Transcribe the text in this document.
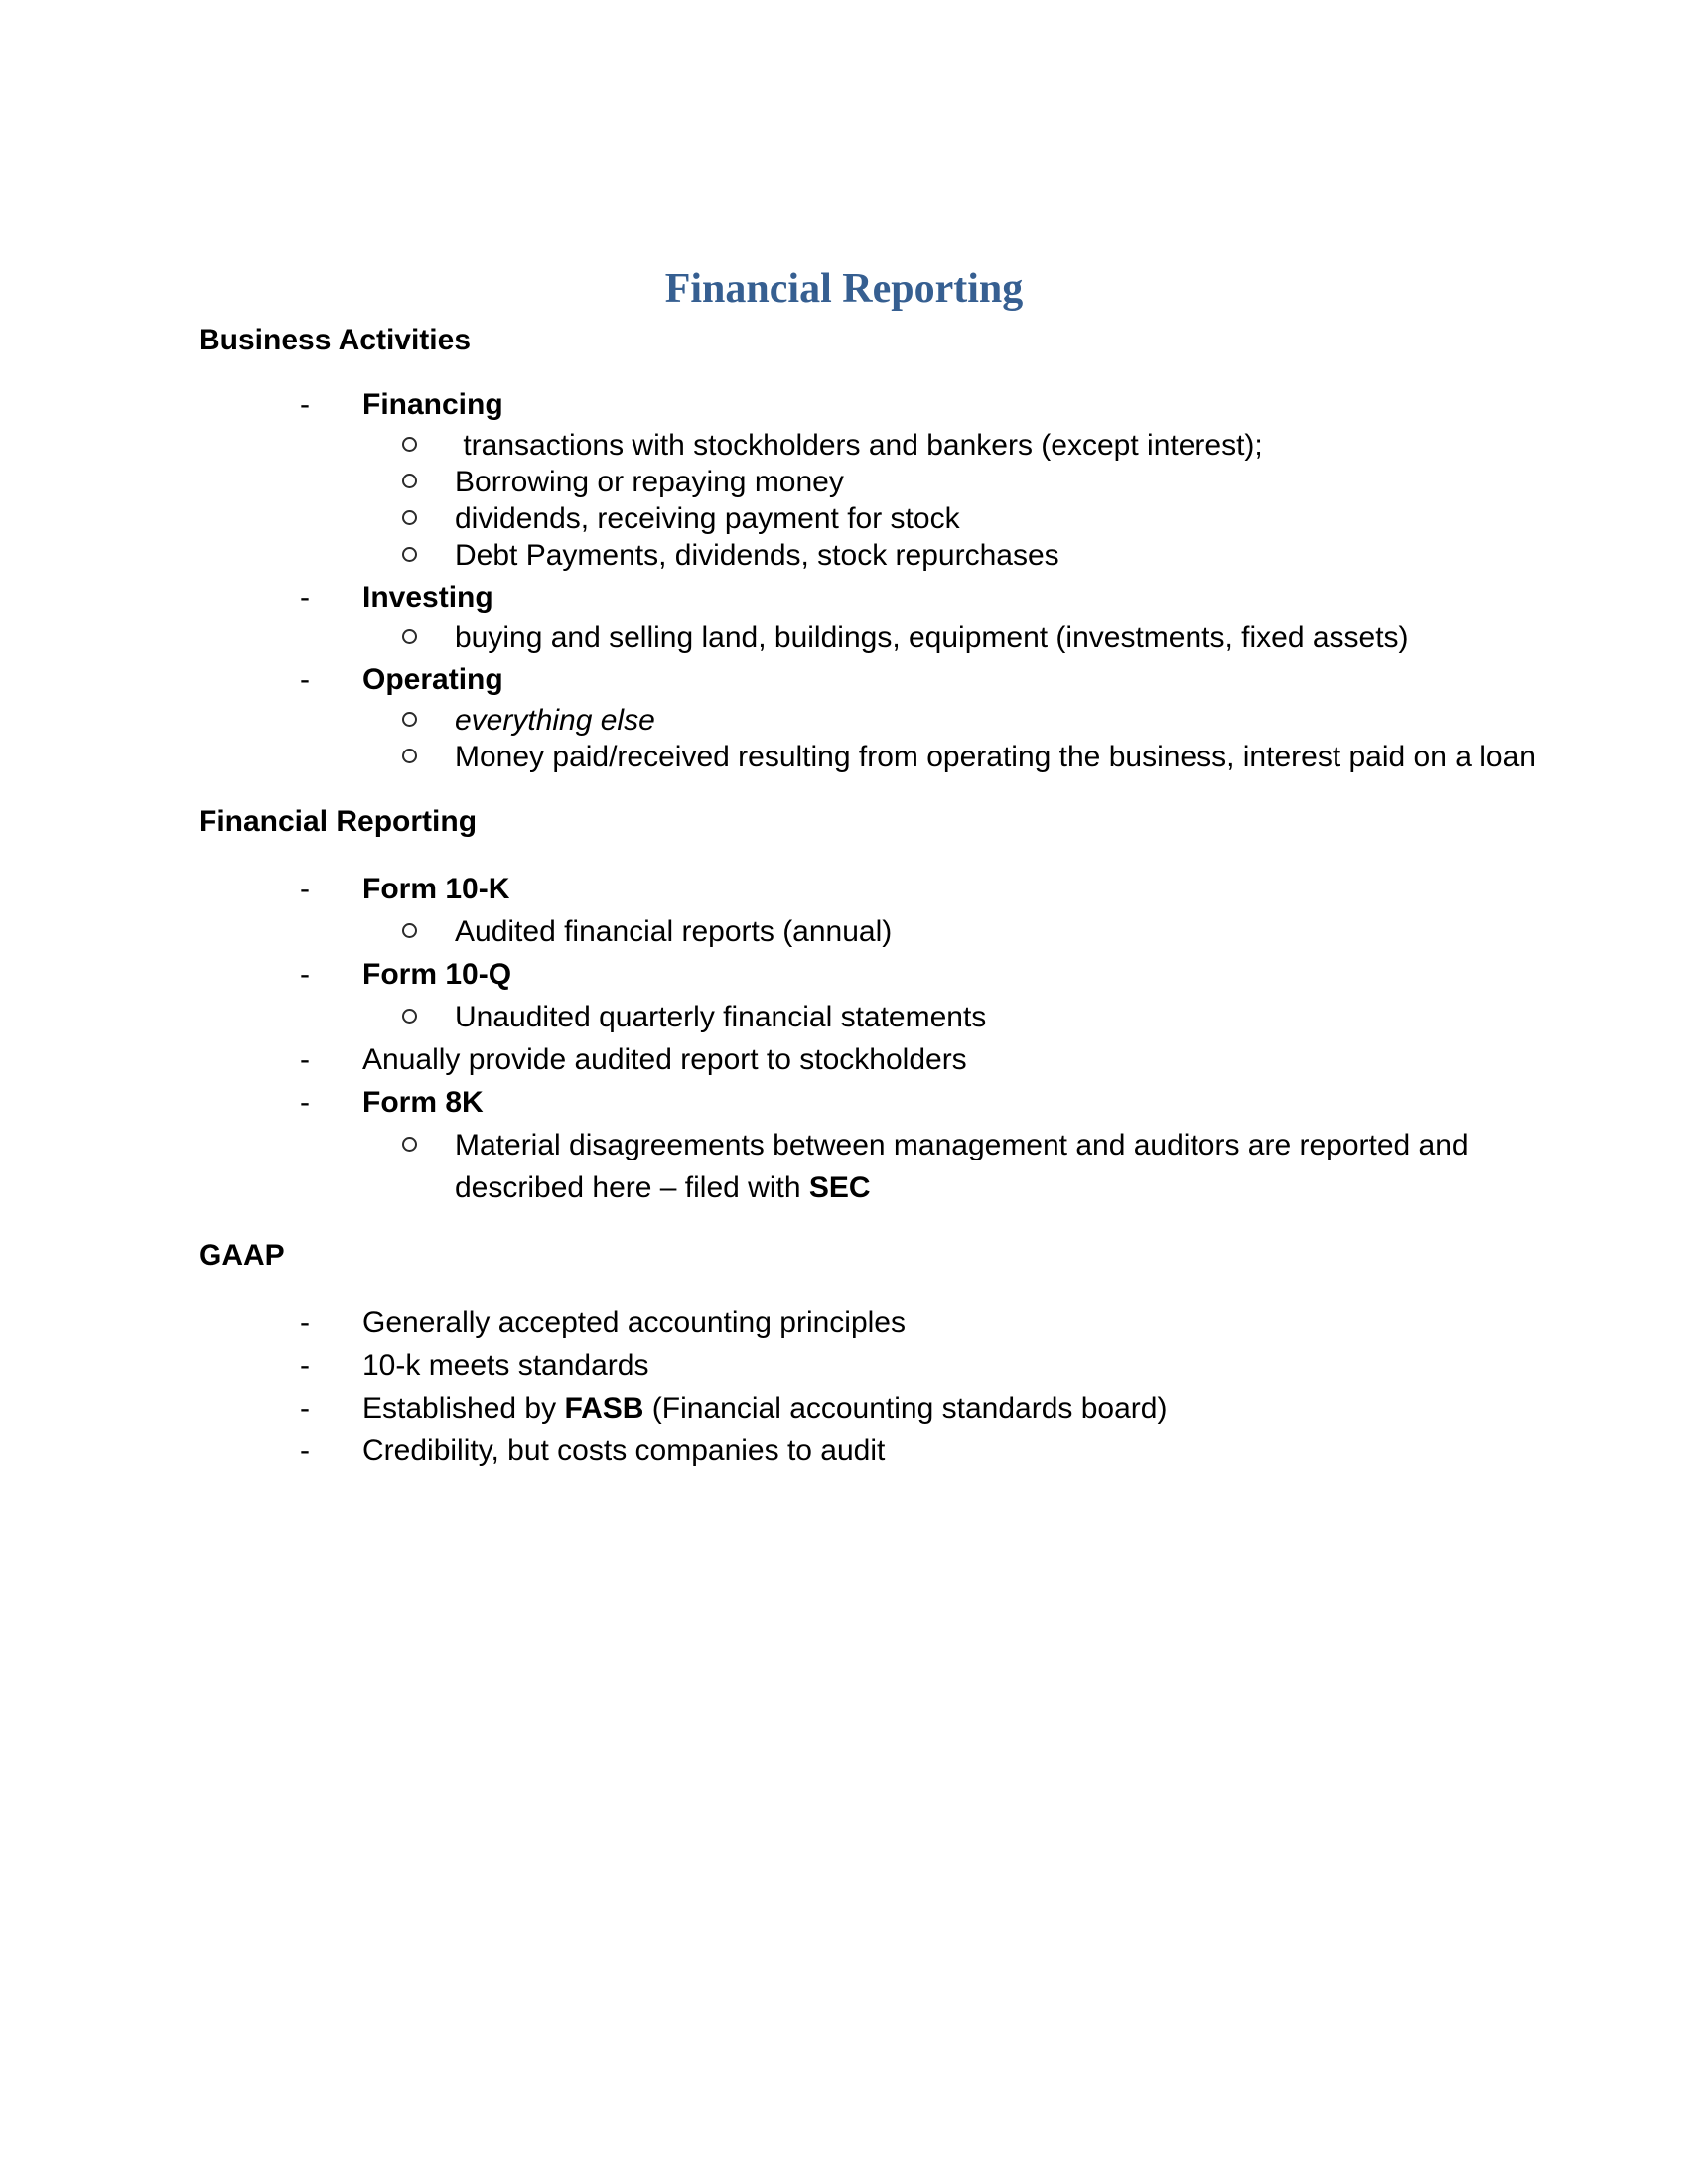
Financial Reporting
Business Activities
-	Financing
transactions with stockholders and bankers (except interest);
Borrowing or repaying money
dividends, receiving payment for stock
Debt Payments, dividends, stock repurchases
-	Investing
buying and selling land, buildings, equipment (investments, fixed assets)
-	Operating
everything else
Money paid/received resulting from operating the business, interest paid on a loan
Financial Reporting
-	Form 10-K
Audited financial reports (annual)
-	Form 10-Q
Unaudited quarterly financial statements
-	Anually provide audited report to stockholders
-	Form 8K
Material disagreements between management and auditors are reported and
described here – filed with SEC
GAAP
-	Generally accepted accounting principles
-	10-k meets standards
-	Established by FASB (Financial accounting standards board)
-	Credibility, but costs companies to audit
